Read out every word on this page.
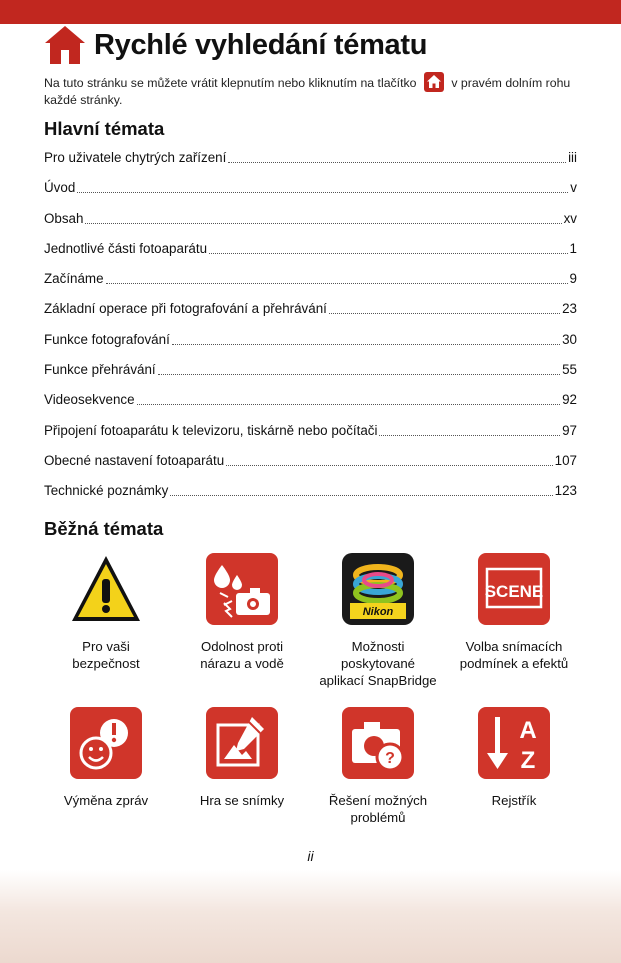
Rychlé vyhledání tématu
Na tuto stránku se můžete vrátit klepnutím nebo kliknutím na tlačítko	v pravém dolním rohu každé stránky.
Hlavní témata
Pro uživatele chytrých zařízení	iii
Úvod	v
Obsah	xv
Jednotlivé části fotoaparátu	1
Začínáme	9
Základní operace při fotografování a přehrávání	23
Funkce fotografování	30
Funkce přehrávání	55
Videosekvence	92
Připojení fotoaparátu k televizoru, tiskárně nebo počítači	97
Obecné nastavení fotoaparátu	107
Technické poznámky	123
Běžná témata
Pro vaši
bezpečnost
Odolnost proti
nárazu a vodě
Nikon
Možnosti
poskytované
aplikací SnapBridge
SCENE
Volba snímacích
podmínek a efektů
Výměna zpráv	Hra se snímky
?
Řešení možných
problémů
A
Z
Rejstřík
ii
